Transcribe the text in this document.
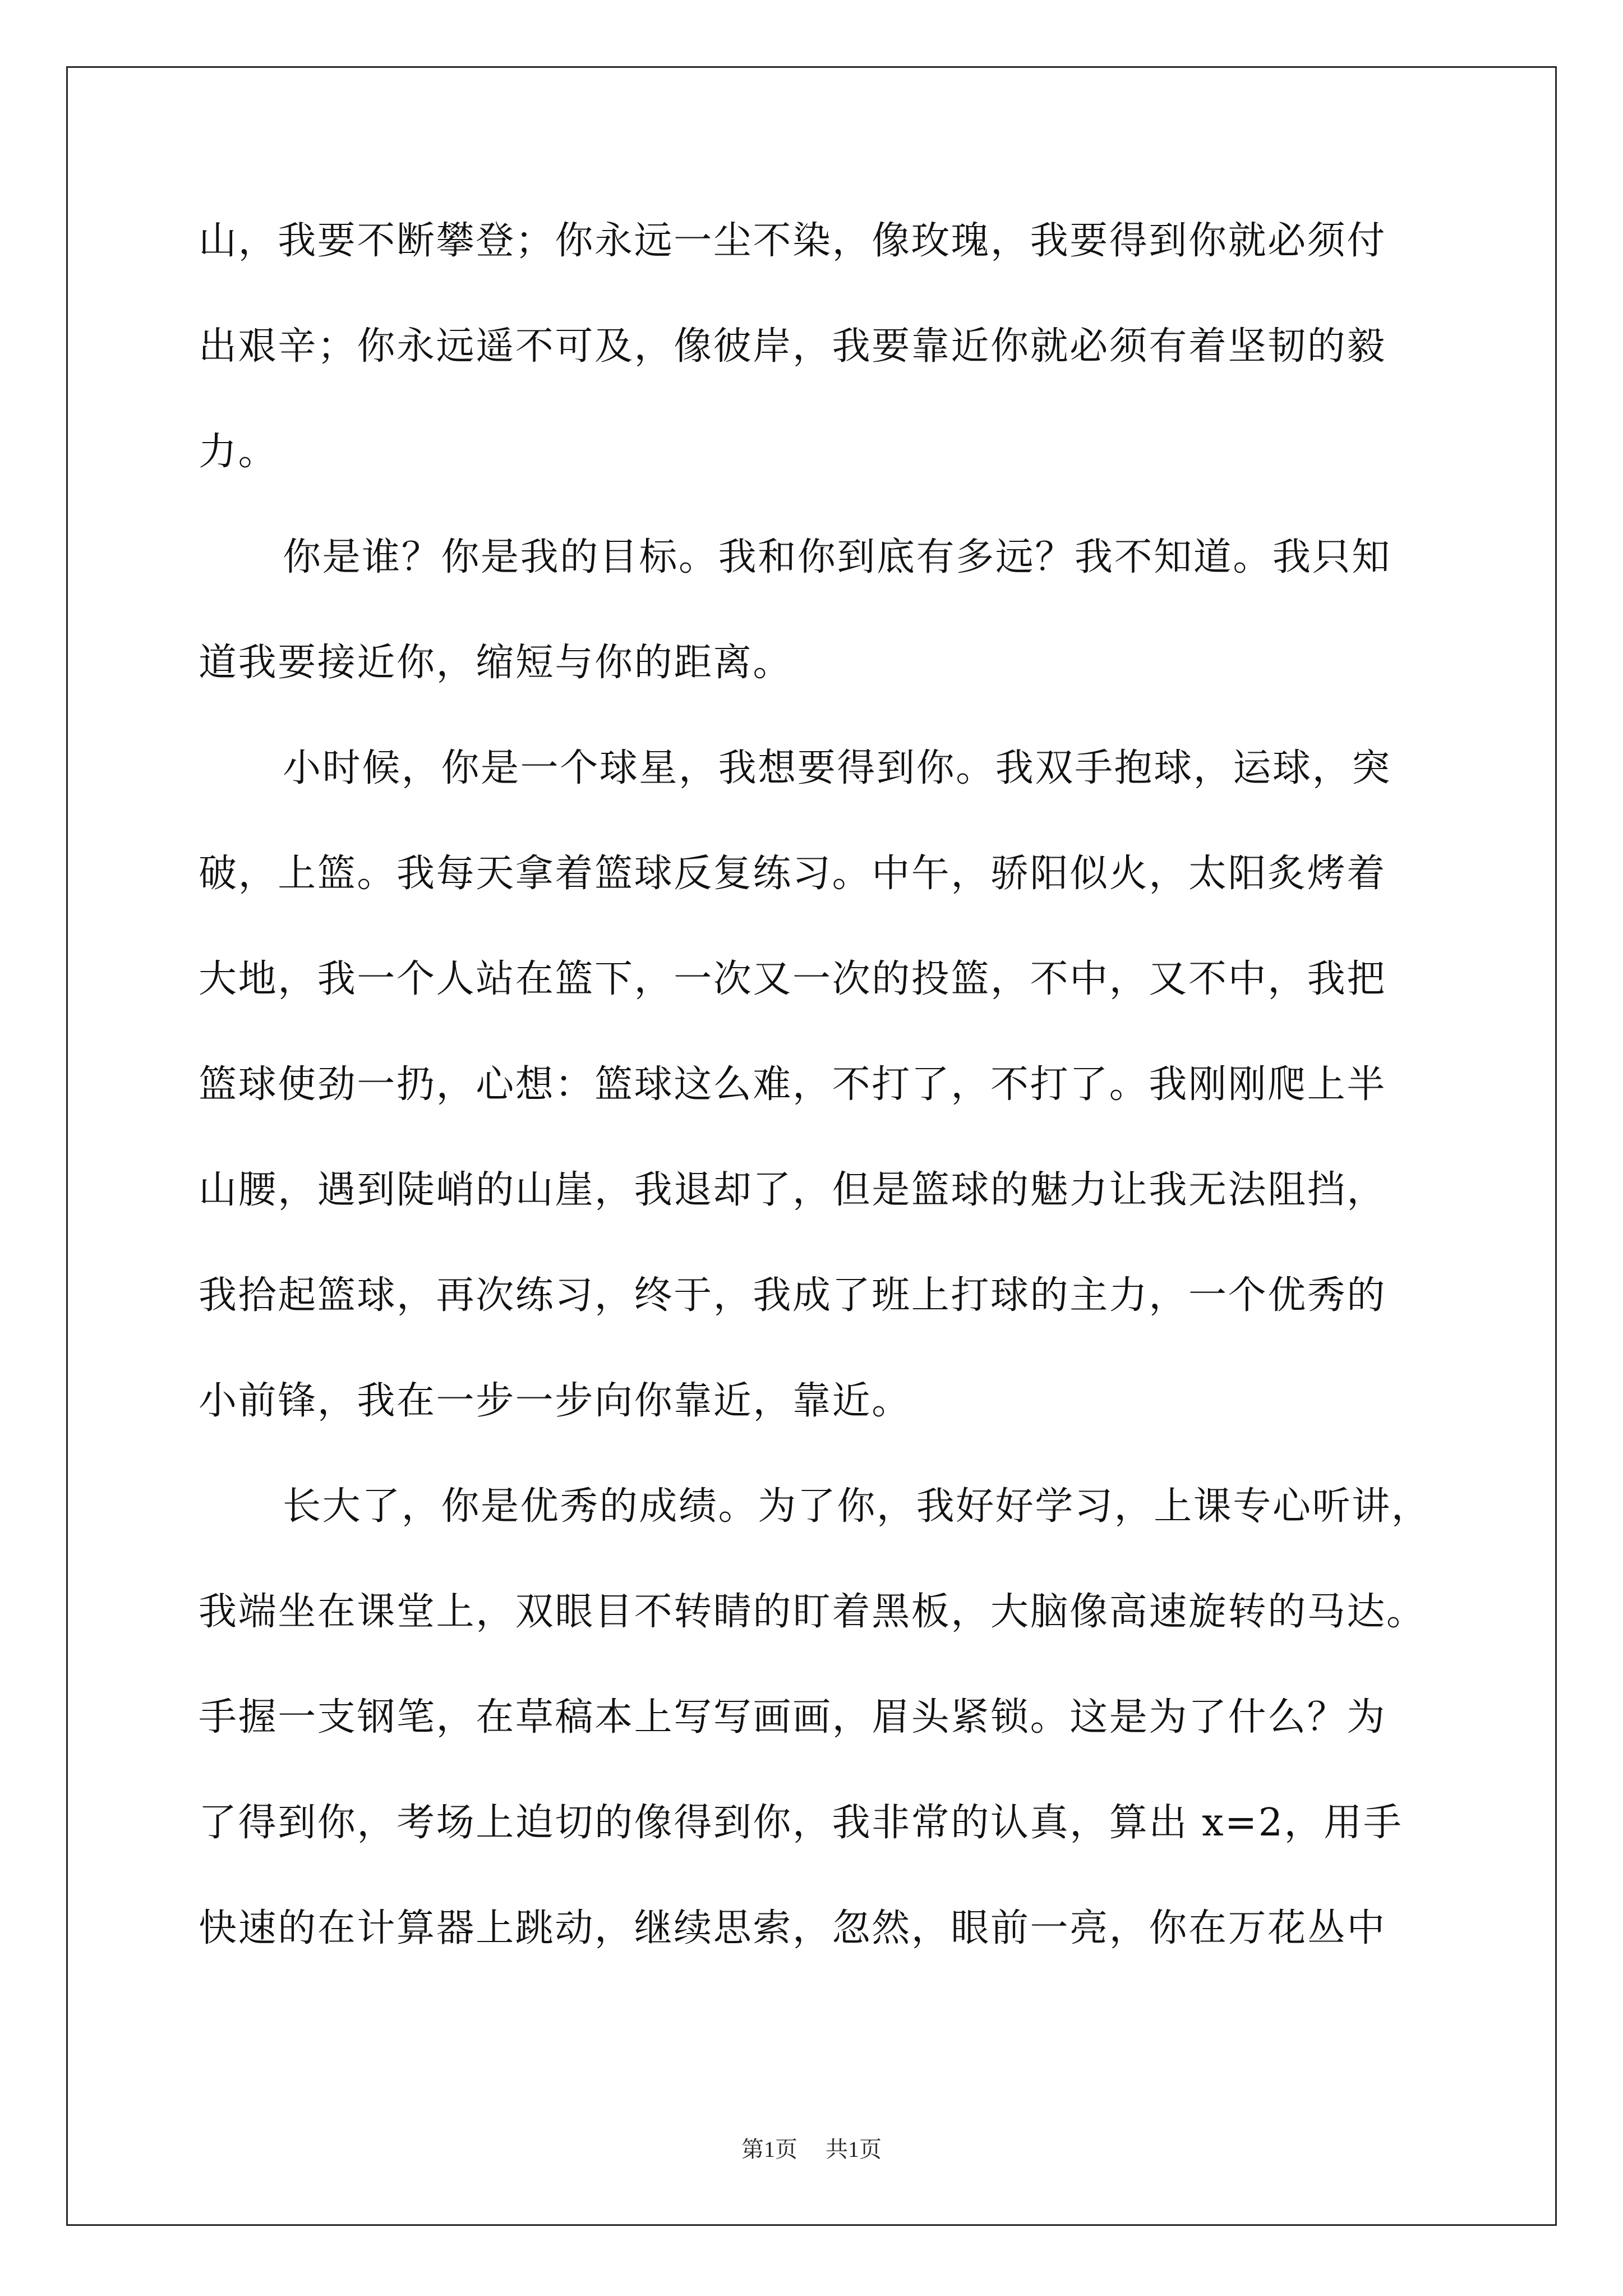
山，我要不断攀登；你永远一尘不染，像玫瑰，我要得到你就必须付
出艰辛；你永远遥不可及，像彼岸，我要靠近你就必须有着坚韧的毅
力。
你是谁？你是我的目标。我和你到底有多远？我不知道。我只知
道我要接近你，缩短与你的距离。
小时候，你是一个球星，我想要得到你。我双手抱球，运球，突
破，上篮。我每天拿着篮球反复练习。中午，骄阳似火，太阳炙烤着
大地，我一个人站在篮下，一次又一次的投篮，不中，又不中，我把
篮球使劲一扔，心想：篮球这么难，不打了，不打了。我刚刚爬上半
山腰，遇到陡峭的山崖，我退却了，但是篮球的魅力让我无法阻挡，
我拾起篮球，再次练习，终于，我成了班上打球的主力，一个优秀的
小前锋，我在一步一步向你靠近，靠近。
长大了，你是优秀的成绩。为了你，我好好学习，上课专心听讲，
我端坐在课堂上，双眼目不转睛的盯着黑板，大脑像高速旋转的马达。
手握一支钢笔，在草稿本上写写画画，眉头紧锁。这是为了什么？为
了得到你，考场上迫切的像得到你，我非常的认真，算出 x=2，用手
快速的在计算器上跳动，继续思索，忽然，眼前一亮，你在万花丛中
第1页 共1页
